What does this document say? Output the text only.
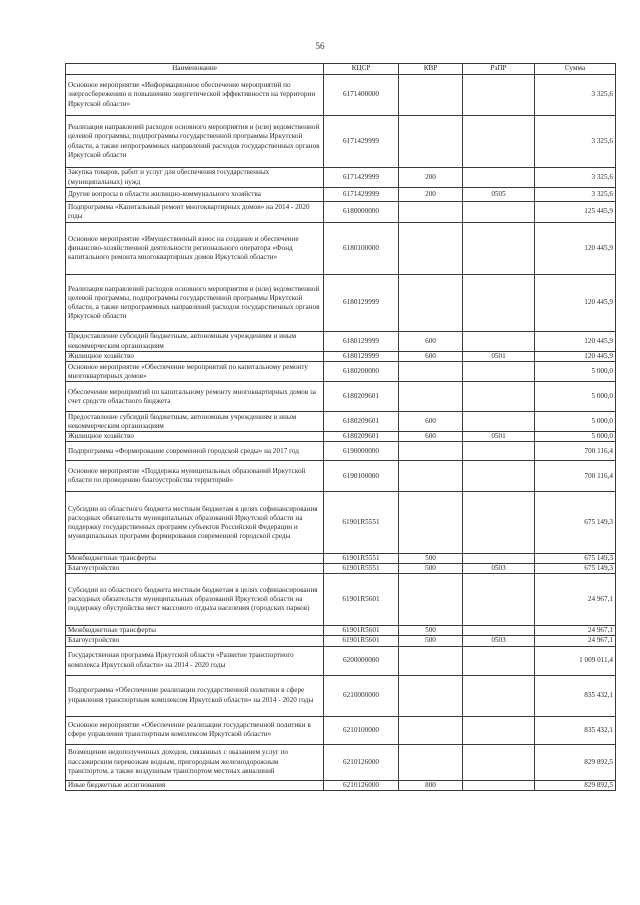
56
Наименование	КЦСР	КВР	РзПР	Сумма
Основное мероприятие «Информационное обеспечение мероприятий по энергосбережению и повышению энергетической эффективности на территории Иркутской области»	6171400000			3 325,6
Реализация направлений расходов основного мероприятия и (или) ведомственной целевой программы, подпрограммы государственной программы Иркутской области, а также непрограммных направлений расходов государственных органов Иркутской области	6171429999			3 325,6
Закупка товаров, работ и услуг для обеспечения государственных (муниципальных) нужд	6171429999	200		3 325,6
Другие вопросы в области жилищно-коммунального хозяйства	6171429999	200	0505	3 325,6
Подпрограмма «Капитальный ремонт многоквартирных домов» на 2014 - 2020 годы	6180000000			125 445,9
Основное мероприятие «Имущественный взнос на создание и обеспечение финансово-хозяйственной деятельности регионального оператора «Фонд капитального ремонта многоквартирных домов Иркутской области»	6180100000			120 445,9
Реализация направлений расходов основного мероприятия и (или) ведомственной целевой программы, подпрограммы государственной программы Иркутской области, а также непрограммных направлений расходов государственных органов Иркутской области	6180129999			120 445,9
Предоставление субсидий бюджетным, автономным учреждениям и иным некоммерческим организациям	6180129999	600		120 445,9
Жилищное хозяйство	6180129999	600	0501	120 445,9
Основное мероприятие «Обеспечение мероприятий по капитальному ремонту многоквартирных домов»	6180200000			5 000,0
Обеспечение мероприятий по капитальному ремонту многоквартирных домов за счет средств областного бюджета	6180209601			5 000,0
Предоставление субсидий бюджетным, автономным учреждениям и иным некоммерческим организациям	6180209601	600		5 000,0
Жилищное хозяйство	6180209601	600	0501	5 000,0
Подпрограмма «Формирование современной городской среды» на 2017 год	6190000000			700 116,4
Основное мероприятие «Поддержка муниципальных образований Иркутской области по проведению благоустройства территорий»	6190100000			700 116,4
Субсидии из областного бюджета местным бюджетам в целях софинансирования расходных обязательств муниципальных образований Иркутской области на поддержку государственных программ субъектов Российской Федерации и муниципальных программ формирования современной городской среды	61901R5551			675 149,3
Межбюджетные трансферты	61901R5551	500		675 149,3
Благоустройство	61901R5551	500	0503	675 149,3
Субсидии из областного бюджета местным бюджетам в целях софинансирования расходных обязательств муниципальных образований Иркутской области на поддержку обустройства мест массового отдыха населения (городских парков)	61901R5601			24 967,1
Межбюджетные трансферты	61901R5601	500		24 967,1
Благоустройство	61901R5601	500	0503	24 967,1
Государственная программа Иркутской области «Развитие транспортного комплекса Иркутской области» на 2014 - 2020 годы	6200000000			1 009 011,4
Подпрограмма «Обеспечение реализации государственной политики в сфере управления транспортным комплексом Иркутской области» на 2014 - 2020 годы	6210000000			835 432,1
Основное мероприятие «Обеспечение реализации государственной политики в сфере управления транспортным комплексом Иркутской области»	6210100000			835 432,1
Возмещение недополученных доходов, связанных с оказанием услуг по пассажирским перевозкам водным, пригородным железнодорожным транспортом, а также воздушным транспортом местных авиалиний	6210126000			829 892,5
Иные бюджетные ассигнования	6210126000	800		829 892,5
